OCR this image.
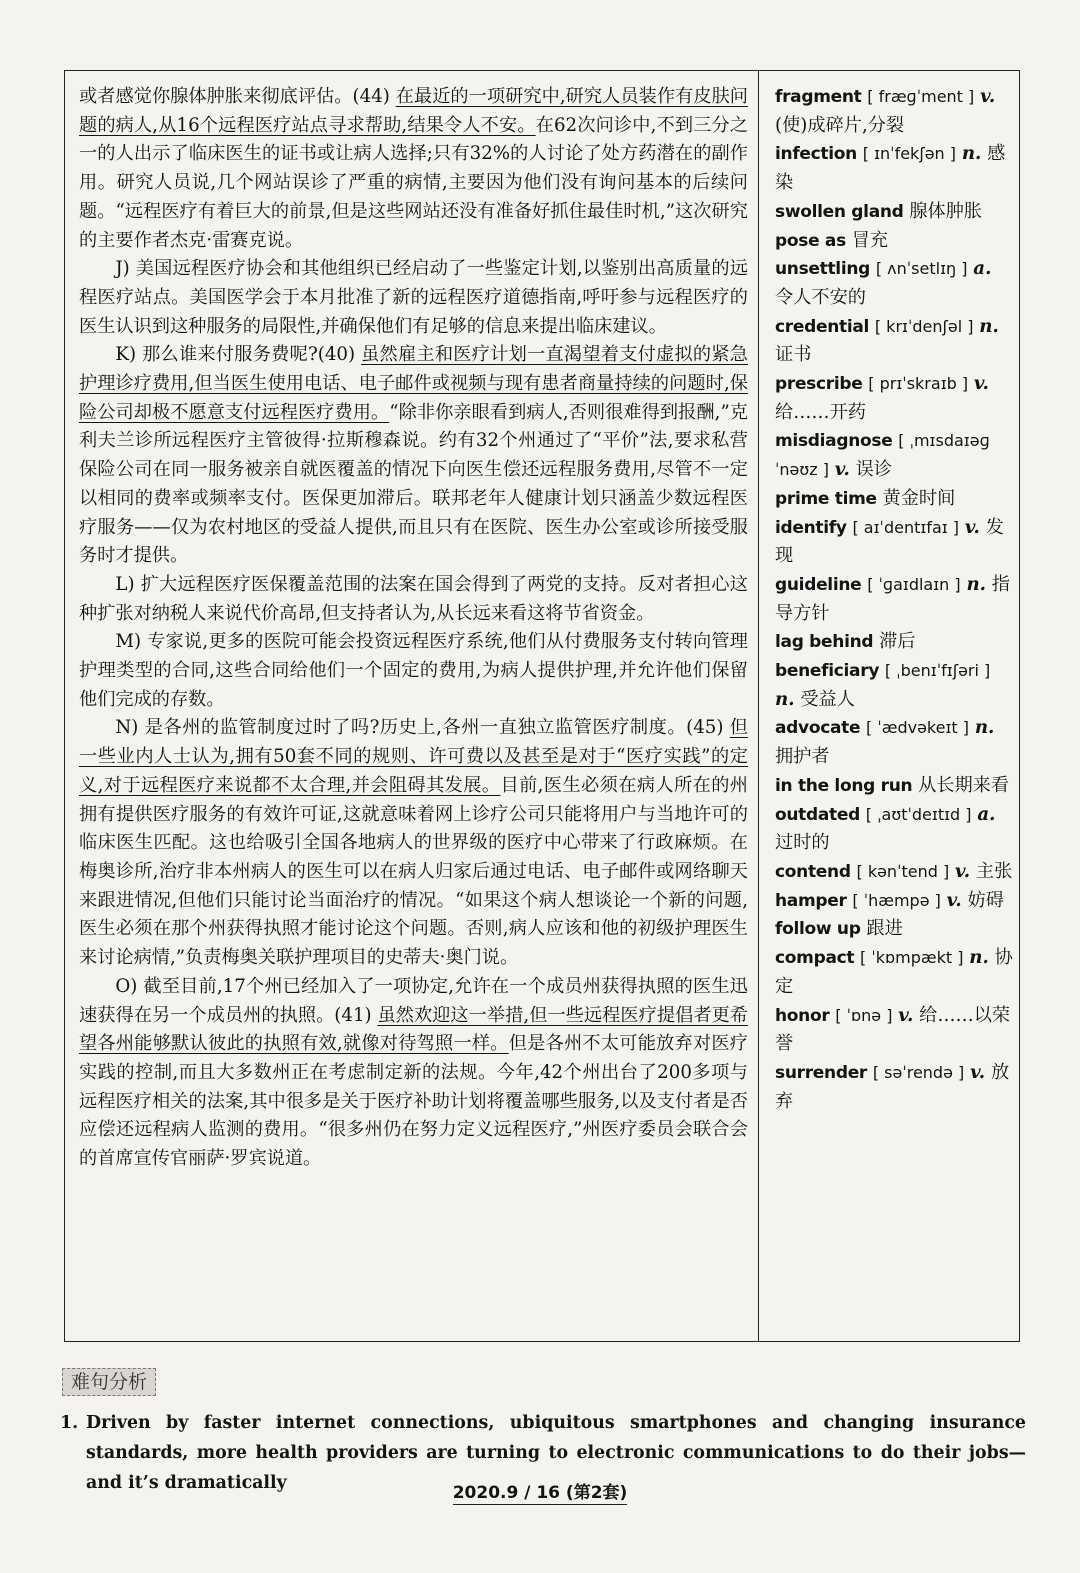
或者感觉你腺体肿胀来彻底评估。(44) 在最近的一项研究中,研究人员装作有皮肤问题的病人,从16个远程医疗站点寻求帮助,结果令人不安。在62次问诊中,不到三分之一的人出示了临床医生的证书或让病人选择;只有32%的人讨论了处方药潜在的副作用。研究人员说,几个网站误诊了严重的病情,主要因为他们没有询问基本的后续问题。“远程医疗有着巨大的前景,但是这些网站还没有准备好抓住最佳时机,”这次研究的主要作者杰克·雷赛克说。

J) 美国远程医疗协会和其他组织已经启动了一些鉴定计划,以鉴别出高质量的远程医疗站点。美国医学会于本月批准了新的远程医疗道德指南,呼吁参与远程医疗的医生认识到这种服务的局限性,并确保他们有足够的信息来提出临床建议。

K) 那么谁来付服务费呢?(40) 虽然雇主和医疗计划一直渴望着支付虚拟的紧急护理诊疗费用,但当医生使用电话、电子邮件或视频与现有患者商量持续的问题时,保险公司却极不愿意支付远程医疗费用。“除非你亲眼看到病人,否则很难得到报酬,”克利夫兰诊所远程医疗主管彼得·拉斯穆森说。约有32个州通过了“平价”法,要求私营保险公司在同一服务被亲自就医覆盖的情况下向医生偿还远程服务费用,尽管不一定以相同的费率或频率支付。医保更加滞后。联邦老年人健康计划只涵盖少数远程医疗服务——仅为农村地区的受益人提供,而且只有在医院、医生办公室或诊所接受服务时才提供。

L) 扩大远程医疗医保覆盖范围的法案在国会得到了两党的支持。反对者担心这种扩张对纳税人来说代价高昂,但支持者认为,从长远来看这将节省资金。

M) 专家说,更多的医院可能会投资远程医疗系统,他们从付费服务支付转向管理护理类型的合同,这些合同给他们一个固定的费用,为病人提供护理,并允许他们保留他们完成的存数。

N) 是各州的监管制度过时了吗?历史上,各州一直独立监管医疗制度。(45) 但一些业内人士认为,拥有50套不同的规则、许可费以及甚至是对于“医疗实践”的定义,对于远程医疗来说都不太合理,并会阻碍其发展。目前,医生必须在病人所在的州拥有提供医疗服务的有效许可证,这就意味着网上诊疗公司只能将用户与当地许可的临床医生匹配。这也给吸引全国各地病人的世界级的医疗中心带来了行政麻烦。在梅奥诊所,治疗非本州病人的医生可以在病人归家后通过电话、电子邮件或网络聊天来跟进情况,但他们只能讨论当面治疗的情况。“如果这个病人想谈论一个新的问题,医生必须在那个州获得执照才能讨论这个问题。否则,病人应该和他的初级护理医生来讨论病情,”负责梅奥关联护理项目的史蒂夫·奥门说。

O) 截至目前,17个州已经加入了一项协定,允许在一个成员州获得执照的医生迅速获得在另一个成员州的执照。(41) 虽然欢迎这一举措,但一些远程医疗提倡者更希望各州能够默认彼此的执照有效,就像对待驾照一样。但是各州不太可能放弃对医疗实践的控制,而且大多数州正在考虑制定新的法规。今年,42个州出台了200多项与远程医疗相关的法案,其中很多是关于医疗补助计划将覆盖哪些服务,以及支付者是否应偿还远程病人监测的费用。“很多州仍在努力定义远程医疗,”州医疗委员会联合会的首席宣传官丽萨·罗宾说道。

fragment [ fræɡˈment ] v. (使)成碎片,分裂

infection [ ɪnˈfekʃən ] n. 感染

swollen gland 腺体肿胀

pose as 冒充

unsettling [ ʌnˈsetlɪŋ ] a. 令人不安的

credential [ krɪˈdenʃəl ] n. 证书

prescribe [ prɪˈskraɪb ] v. 给……开药

misdiagnose [ ˌmɪsdaɪəɡˈnəʊz ] v. 误诊

prime time 黄金时间

identify [ aɪˈdentɪfaɪ ] v. 发现

guideline [ ˈɡaɪdlaɪn ] n. 指导方针

lag behind 滞后

beneficiary [ ˌbenɪˈfɪʃəri ] n. 受益人

advocate [ ˈædvəkeɪt ] n. 拥护者

in the long run 从长期来看

outdated [ ˌaʊtˈdeɪtɪd ] a. 过时的

contend [ kənˈtend ] v. 主张

hamper [ ˈhæmpə ] v. 妨碍

follow up 跟进

compact [ ˈkɒmpækt ] n. 协定

honor [ ˈɒnə ] v. 给……以荣誉

surrender [ səˈrendə ] v. 放弃

难句分析
1. Driven by faster internet connections, ubiquitous smartphones and changing insurance standards, more health providers are turning to electronic communications to do their jobs—and it’s dramatically	2020.9 / 16 (第2套)
